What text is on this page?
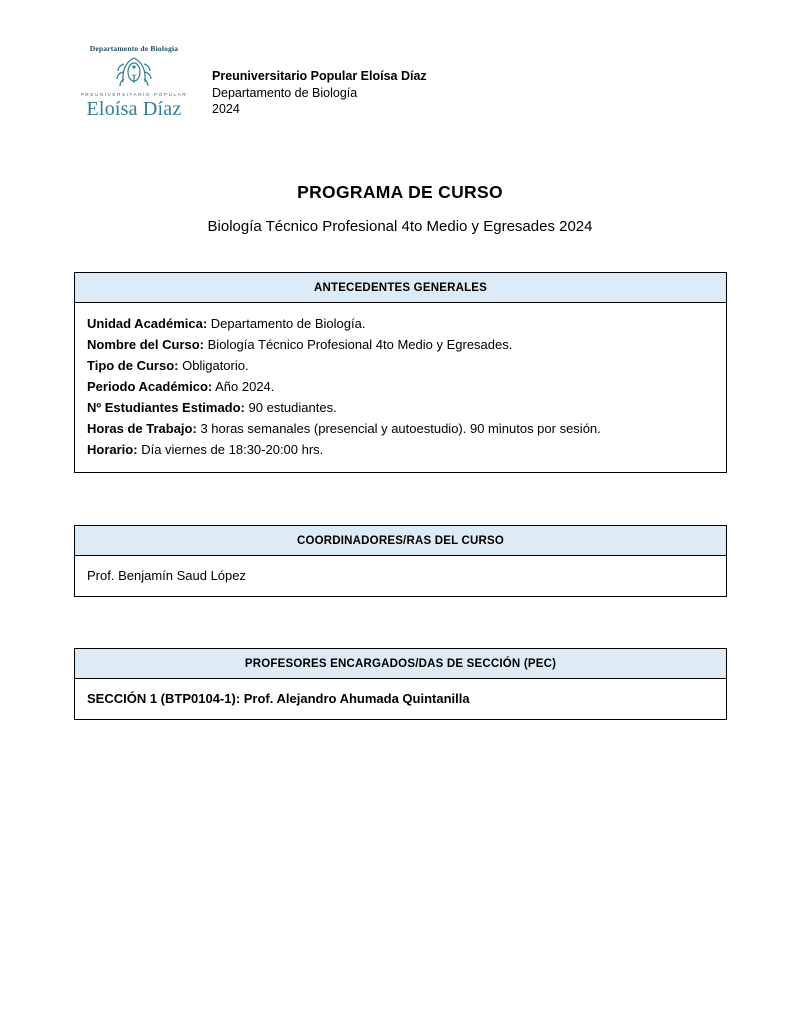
Departamento de Biología
PREUNIVERSITARIO POPULAR
Eloísa Díaz
Preuniversitario Popular Eloísa Díaz
Departamento de Biología
2024
PROGRAMA DE CURSO
Biología Técnico Profesional 4to Medio y Egresades 2024
ANTECEDENTES GENERALES
Unidad Académica: Departamento de Biología.
Nombre del Curso: Biología Técnico Profesional 4to Medio y Egresades.
Tipo de Curso: Obligatorio.
Periodo Académico: Año 2024.
Nº Estudiantes Estimado: 90 estudiantes.
Horas de Trabajo: 3 horas semanales (presencial y autoestudio). 90 minutos por sesión.
Horario: Día viernes de 18:30-20:00 hrs.
COORDINADORES/RAS DEL CURSO
Prof. Benjamín Saud López
PROFESORES ENCARGADOS/DAS DE SECCIÓN (PEC)
SECCIÓN 1 (BTP0104-1): Prof. Alejandro Ahumada Quintanilla
